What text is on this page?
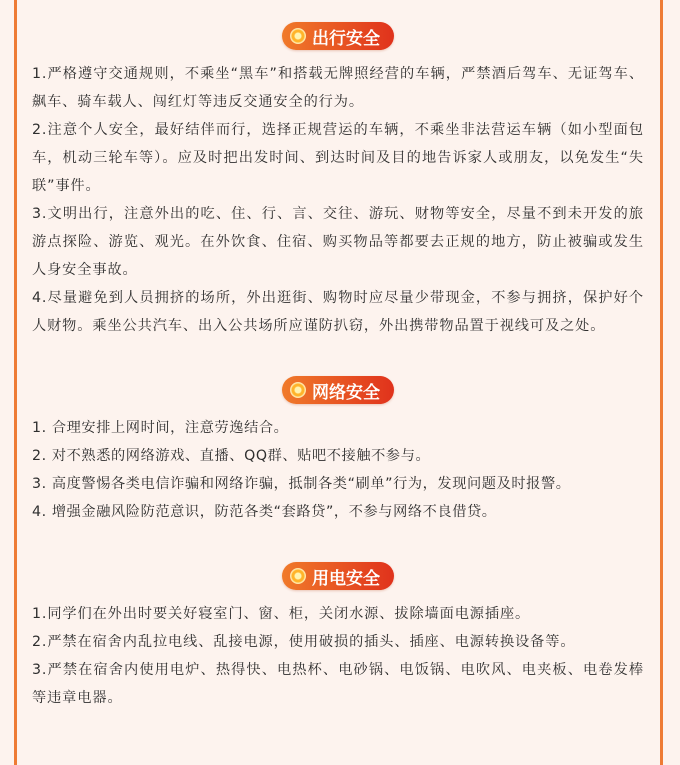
出行安全

1.严格遵守交通规则，不乘坐“黑车”和搭载无牌照经营的车辆，严禁酒后驾车、无证驾车、飙车、骑车载人、闯红灯等违反交通安全的行为。

2.注意个人安全，最好结伴而行，选择正规营运的车辆，不乘坐非法营运车辆（如小型面包车，机动三轮车等）。应及时把出发时间、到达时间及目的地告诉家人或朋友，以免发生“失联”事件。

3.文明出行，注意外出的吃、住、行、言、交往、游玩、财物等安全，尽量不到未开发的旅游点探险、游览、观光。在外饮食、住宿、购买物品等都要去正规的地方，防止被骗或发生人身安全事故。

4.尽量避免到人员拥挤的场所，外出逛街、购物时应尽量少带现金，不参与拥挤，保护好个人财物。乘坐公共汽车、出入公共场所应谨防扒窃，外出携带物品置于视线可及之处。

网络安全

1. 合理安排上网时间，注意劳逸结合。

2. 对不熟悉的网络游戏、直播、QQ群、贴吧不接触不参与。

3. 高度警惕各类电信诈骗和网络诈骗，抵制各类“刷单”行为，发现问题及时报警。

4. 增强金融风险防范意识，防范各类“套路贷”，不参与网络不良借贷。

用电安全

1.同学们在外出时要关好寝室门、窗、柜，关闭水源、拔除墙面电源插座。

2.严禁在宿舍内乱拉电线、乱接电源，使用破损的插头、插座、电源转换设备等。

3.严禁在宿舍内使用电炉、热得快、电热杯、电砂锅、电饭锅、电吹风、电夹板、电卷发棒等违章电器。
